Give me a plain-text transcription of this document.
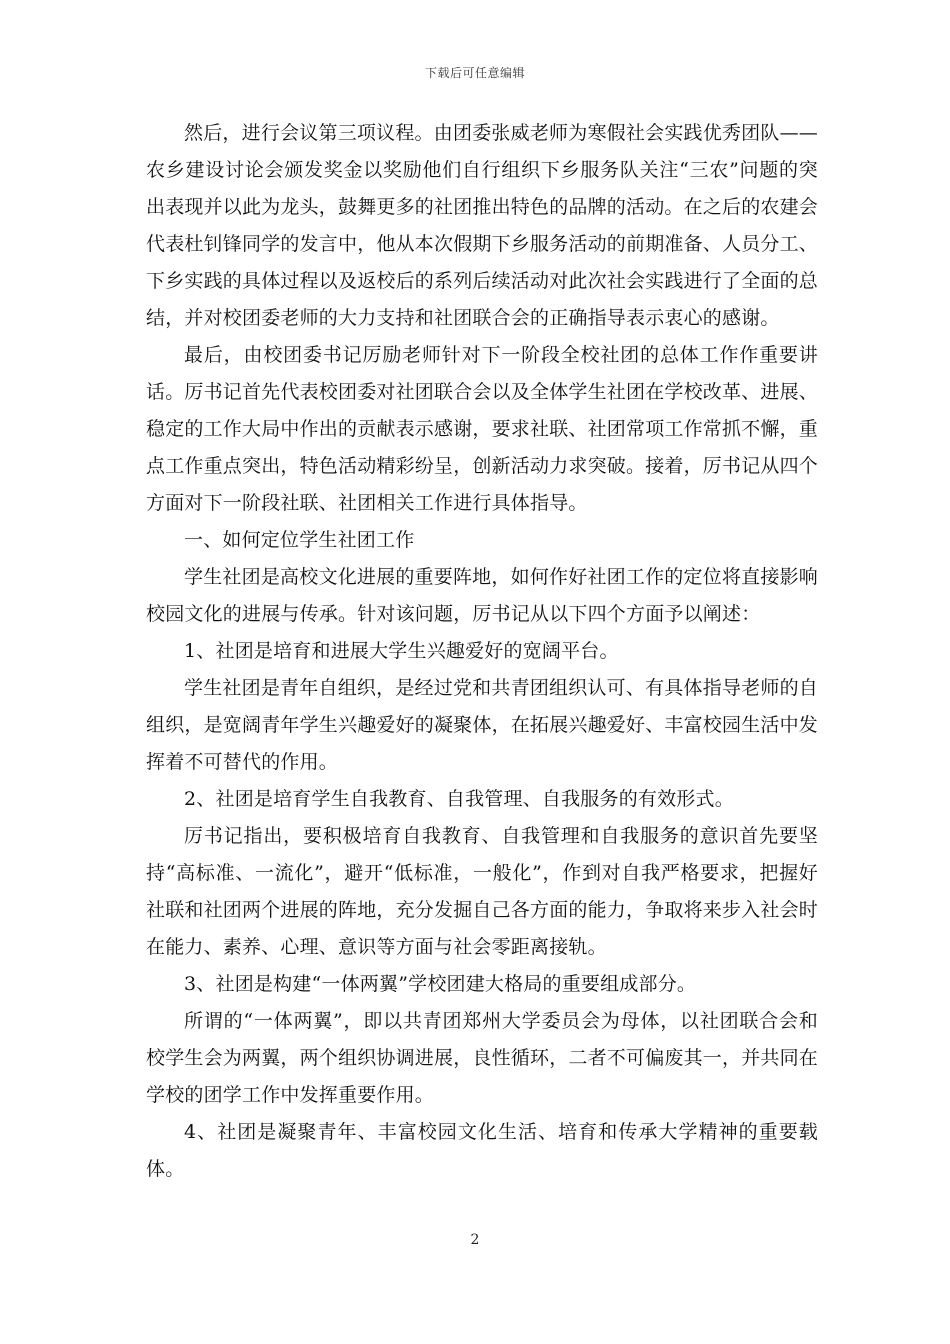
下载后可任意编辑

然后，进行会议第三项议程。由团委张威老师为寒假社会实践优秀团队——农乡建设讨论会颁发奖金以奖励他们自行组织下乡服务队关注“三农”问题的突出表现并以此为龙头，鼓舞更多的社团推出特色的品牌的活动。在之后的农建会代表杜钊锋同学的发言中，他从本次假期下乡服务活动的前期准备、人员分工、下乡实践的具体过程以及返校后的系列后续活动对此次社会实践进行了全面的总结，并对校团委老师的大力支持和社团联合会的正确指导表示衷心的感谢。

最后，由校团委书记厉励老师针对下一阶段全校社团的总体工作作重要讲话。厉书记首先代表校团委对社团联合会以及全体学生社团在学校改革、进展、稳定的工作大局中作出的贡献表示感谢，要求社联、社团常项工作常抓不懈，重点工作重点突出，特色活动精彩纷呈，创新活动力求突破。接着，厉书记从四个方面对下一阶段社联、社团相关工作进行具体指导。

一、如何定位学生社团工作

学生社团是高校文化进展的重要阵地，如何作好社团工作的定位将直接影响校园文化的进展与传承。针对该问题，厉书记从以下四个方面予以阐述：

1、社团是培育和进展大学生兴趣爱好的宽阔平台。

学生社团是青年自组织，是经过党和共青团组织认可、有具体指导老师的自组织，是宽阔青年学生兴趣爱好的凝聚体，在拓展兴趣爱好、丰富校园生活中发挥着不可替代的作用。

2、社团是培育学生自我教育、自我管理、自我服务的有效形式。

厉书记指出，要积极培育自我教育、自我管理和自我服务的意识首先要坚持“高标准、一流化”，避开“低标准，一般化”，作到对自我严格要求，把握好社联和社团两个进展的阵地，充分发掘自己各方面的能力，争取将来步入社会时在能力、素养、心理、意识等方面与社会零距离接轨。

3、社团是构建“一体两翼”学校团建大格局的重要组成部分。

所谓的“一体两翼”，即以共青团郑州大学委员会为母体，以社团联合会和校学生会为两翼，两个组织协调进展，良性循环，二者不可偏废其一，并共同在学校的团学工作中发挥重要作用。

4、社团是凝聚青年、丰富校园文化生活、培育和传承大学精神的重要载体。

2
